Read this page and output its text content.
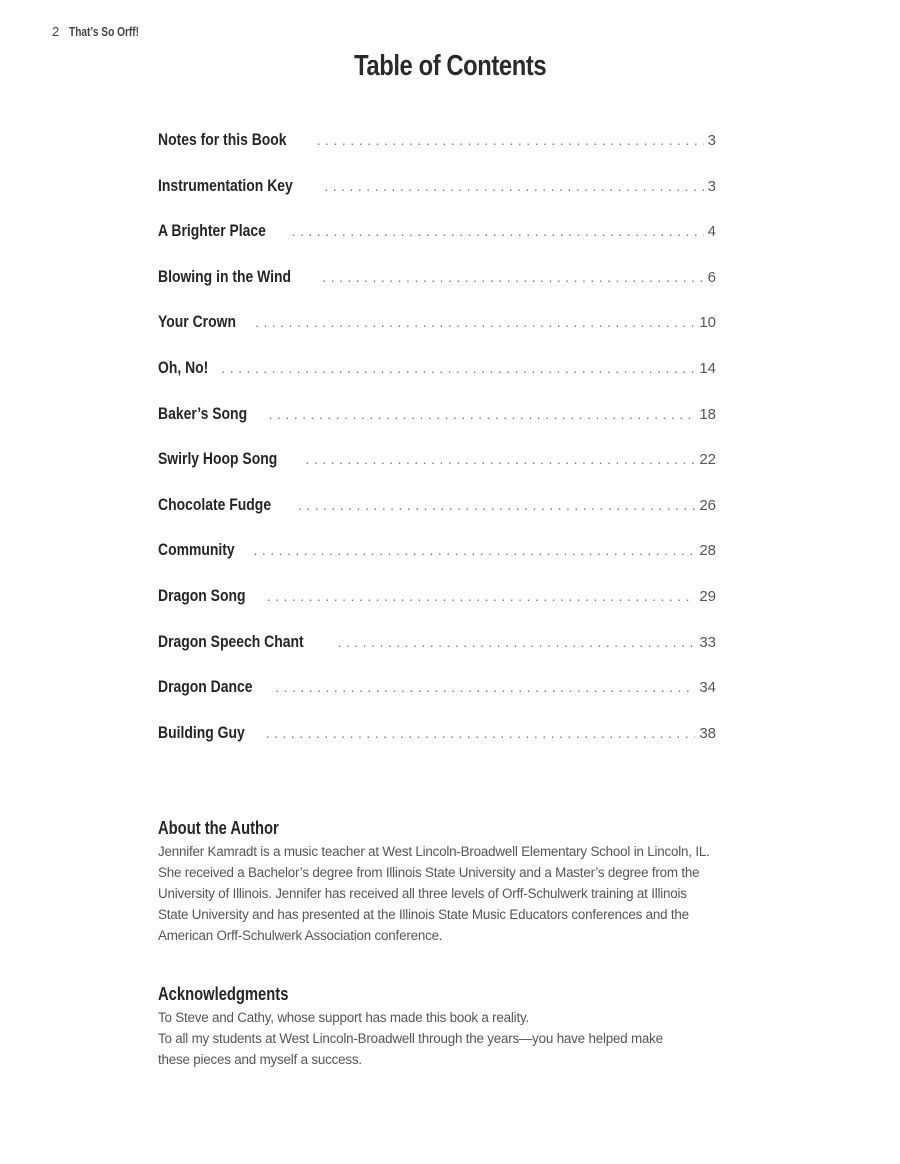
2 That’s So Orff!
Table of Contents
Notes for this Book . . .	3
Instrumentation Key . . .	3
A Brighter Place . . .	4
Blowing in the Wind . . .	6
Your Crown . . .	10
Oh, No! . . .	14
Baker’s Song . . .	18
Swirly Hoop Song . . .	22
Chocolate Fudge . . .	26
Community . . .	28
Dragon Song . . .	29
Dragon Speech Chant . . .	33
Dragon Dance . . .	34
Building Guy . . .	38
About the Author

Jennifer Kamradt is a music teacher at West Lincoln-Broadwell Elementary School in Lincoln, IL. She received a Bachelor’s degree from Illinois State University and a Master’s degree from the University of Illinois. Jennifer has received all three levels of Orff-Schulwerk training at Illinois State University and has presented at the Illinois State Music Educators conferences and the American Orff-Schulwerk Association conference.

Acknowledgments

To Steve and Cathy, whose support has made this book a reality.
To all my students at West Lincoln-Broadwell through the years—you have helped make these pieces and myself a success.
